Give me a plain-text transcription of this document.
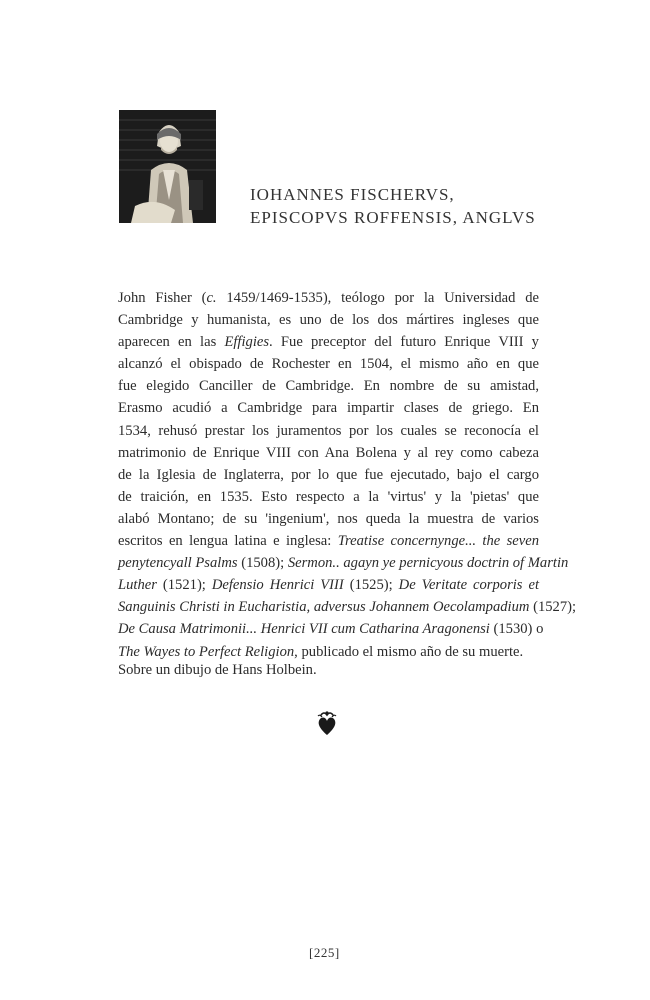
IOHANNES FISCHERVS,
EPISCOPVS ROFFENSIS, ANGLVS
John Fisher (c. 1459/1469-1535), teólogo por la Universidad de
Cambridge y humanista, es uno de los dos mártires ingleses que
aparecen en las Effigies. Fue preceptor del futuro Enrique VIII y
alcanzó el obispado de Rochester en 1504, el mismo año en que
fue elegido Canciller de Cambridge. En nombre de su amistad,
Erasmo acudió a Cambridge para impartir clases de griego. En
1534, rehusó prestar los juramentos por los cuales se reconocía el
matrimonio de Enrique VIII con Ana Bolena y al rey como cabeza
de la Iglesia de Inglaterra, por lo que fue ejecutado, bajo el cargo
de traición, en 1535. Esto respecto a la 'virtus' y la 'pietas' que
alabó Montano; de su 'ingenium', nos queda la muestra de varios
escritos en lengua latina e inglesa: Treatise concernynge... the seven
penytencyall Psalms (1508); Sermon.. agayn ye pernicyous doctrin of Martin
Luther (1521); Defensio Henrici VIII (1525); De Veritate corporis et
Sanguinis Christi in Eucharistia, adversus Johannem Oecolampadium (1527);
De Causa Matrimonii... Henrici VII cum Catharina Aragonensi (1530) o
The Wayes to Perfect Religion, publicado el mismo año de su muerte.
Sobre un dibujo de Hans Holbein.
[225]
